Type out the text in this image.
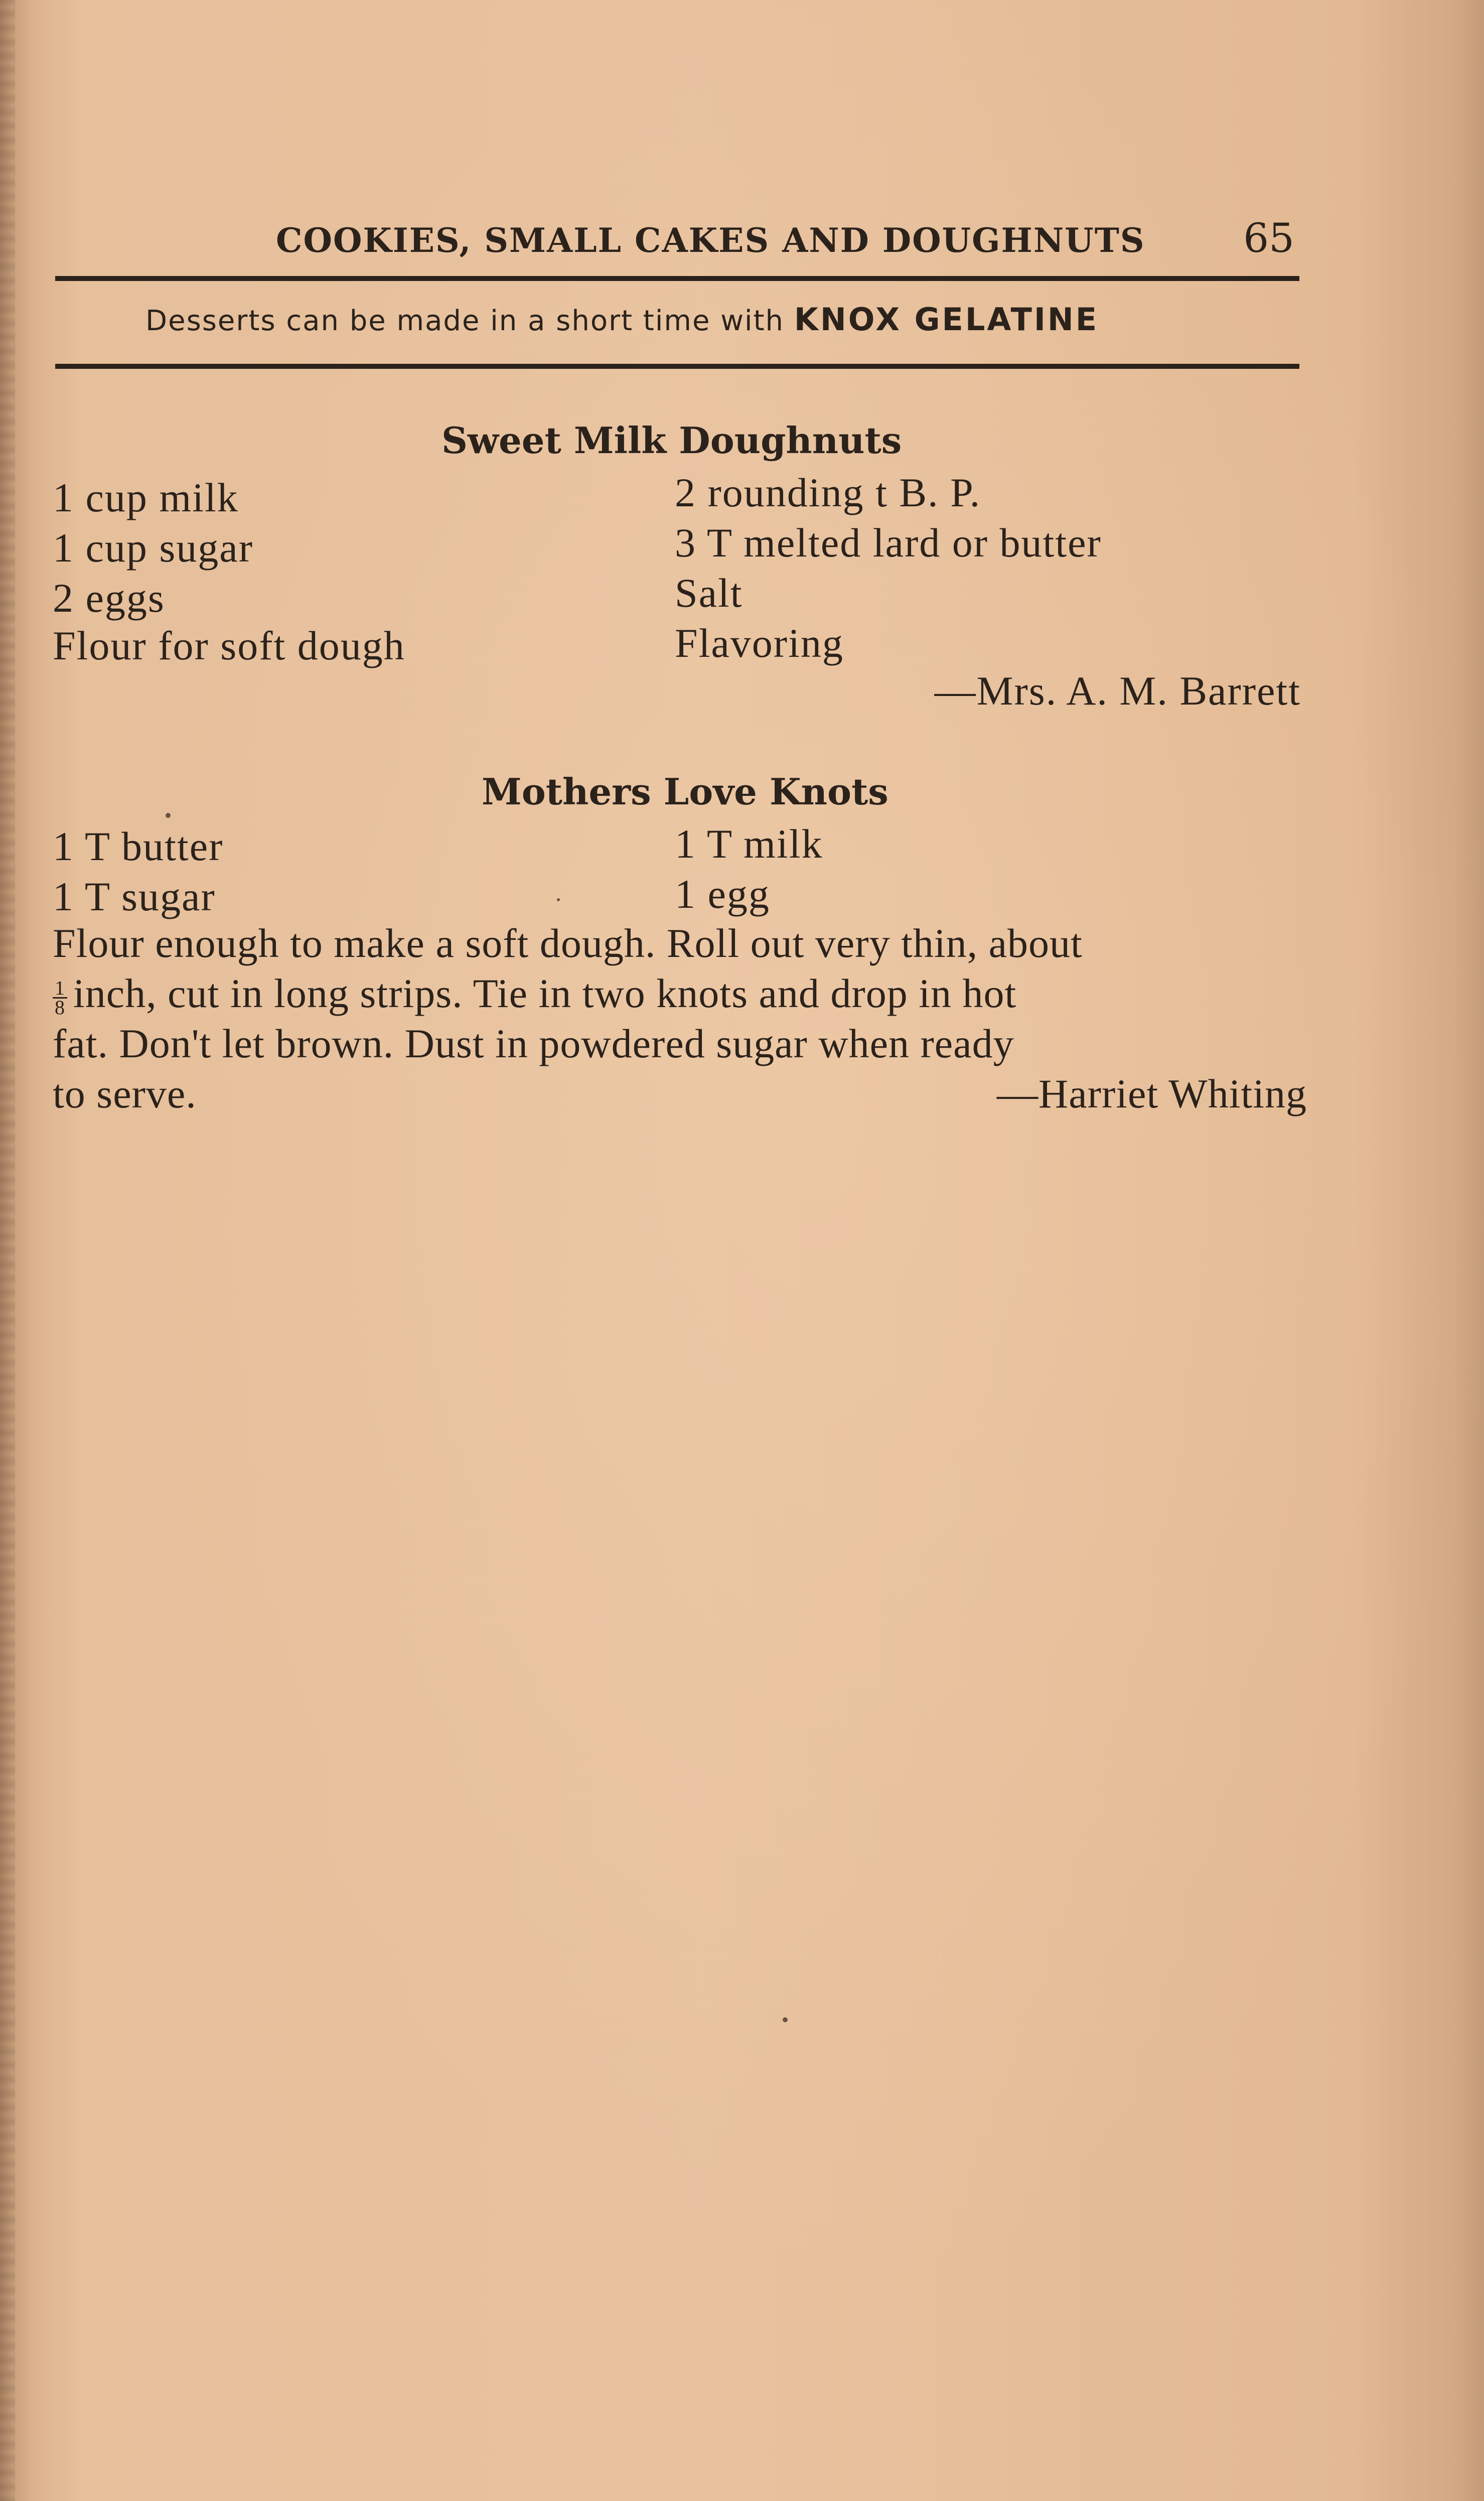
COOKIES, SMALL CAKES AND DOUGHNUTS 65
Desserts can be made in a short time with KNOX GELATINE
Sweet Milk Doughnuts
1 cup milk
1 cup sugar
2 eggs
Flour for soft dough
2 rounding t B. P.
3 T melted lard or butter
Salt
Flavoring
—Mrs. A. M. Barrett
Mothers Love Knots
1 T butter
1 T sugar
1 T milk
1 egg
Flour enough to make a soft dough. Roll out very thin, about
$\frac{1}{8}$ inch, cut in long strips. Tie in two knots and drop in hot
fat. Don't let brown. Dust in powdered sugar when ready
to serve.	—Harriet Whiting
